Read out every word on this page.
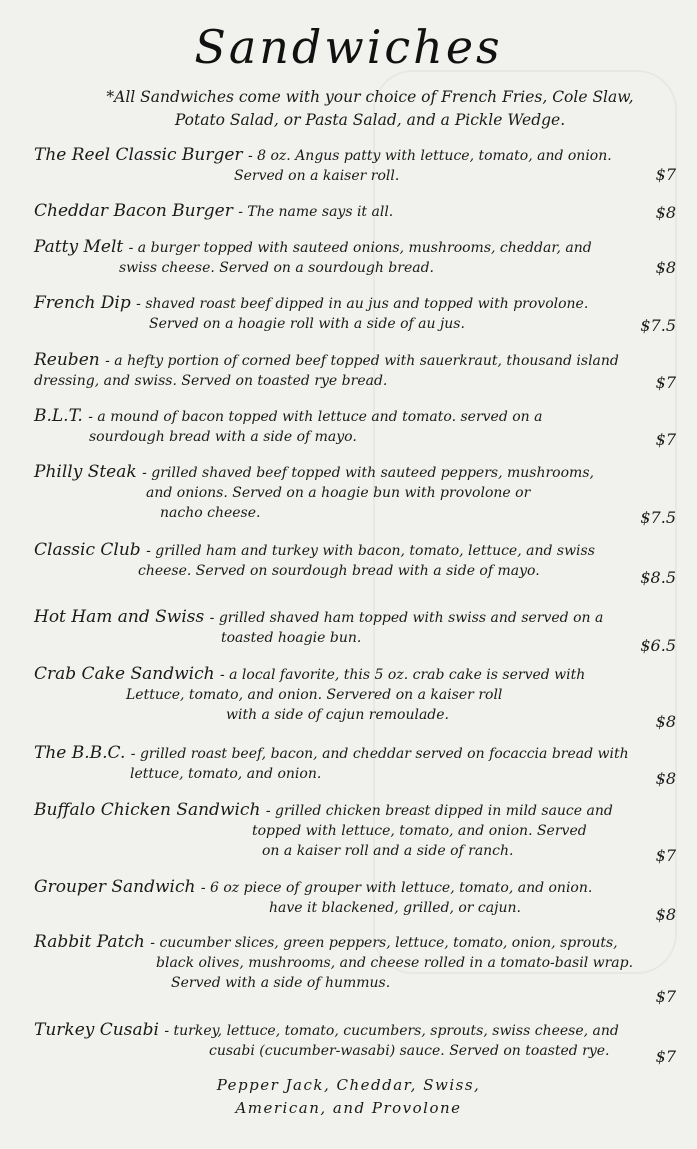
Sandwiches
*All Sandwiches come with your choice of French Fries, Cole Slaw,
Potato Salad, or Pasta Salad, and a Pickle Wedge.
The Reel Classic Burger - 8 oz. Angus patty with lettuce, tomato, and onion.
Served on a kaiser roll.	$7
Cheddar Bacon Burger - The name says it all.	$8
Patty Melt - a burger topped with sauteed onions, mushrooms, cheddar, and
swiss cheese. Served on a sourdough bread.	$8
French Dip - shaved roast beef dipped in au jus and topped with provolone.
Served on a hoagie roll with a side of au jus.	$7.5
Reuben - a hefty portion of corned beef topped with sauerkraut, thousand island
dressing, and swiss. Served on toasted rye bread.	$7
B.L.T. - a mound of bacon topped with lettuce and tomato. served on a
sourdough bread with a side of mayo.	$7
Philly Steak - grilled shaved beef topped with sauteed peppers, mushrooms,
and onions. Served on a hoagie bun with provolone or
nacho cheese.	$7.5
Classic Club - grilled ham and turkey with bacon, tomato, lettuce, and swiss
cheese. Served on sourdough bread with a side of mayo.	$8.5
Hot Ham and Swiss - grilled shaved ham topped with swiss and served on a
toasted hoagie bun.	$6.5
Crab Cake Sandwich - a local favorite, this 5 oz. crab cake is served with
Lettuce, tomato, and onion. Servered on a kaiser roll
with a side of cajun remoulade.	$8
The B.B.C. - grilled roast beef, bacon, and cheddar served on focaccia bread with
lettuce, tomato, and onion.	$8
Buffalo Chicken Sandwich - grilled chicken breast dipped in mild sauce and
topped with lettuce, tomato, and onion. Served
on a kaiser roll and a side of ranch.	$7
Grouper Sandwich - 6 oz piece of grouper with lettuce, tomato, and onion.
have it blackened, grilled, or cajun.	$8
Rabbit Patch - cucumber slices, green peppers, lettuce, tomato, onion, sprouts,
black olives, mushrooms, and cheese rolled in a tomato-basil wrap.
Served with a side of hummus.
$7
Turkey Cusabi - turkey, lettuce, tomato, cucumbers, sprouts, swiss cheese, and
cusabi (cucumber-wasabi) sauce. Served on toasted rye.	$7
Pepper Jack, Cheddar, Swiss,
American, and Provolone
